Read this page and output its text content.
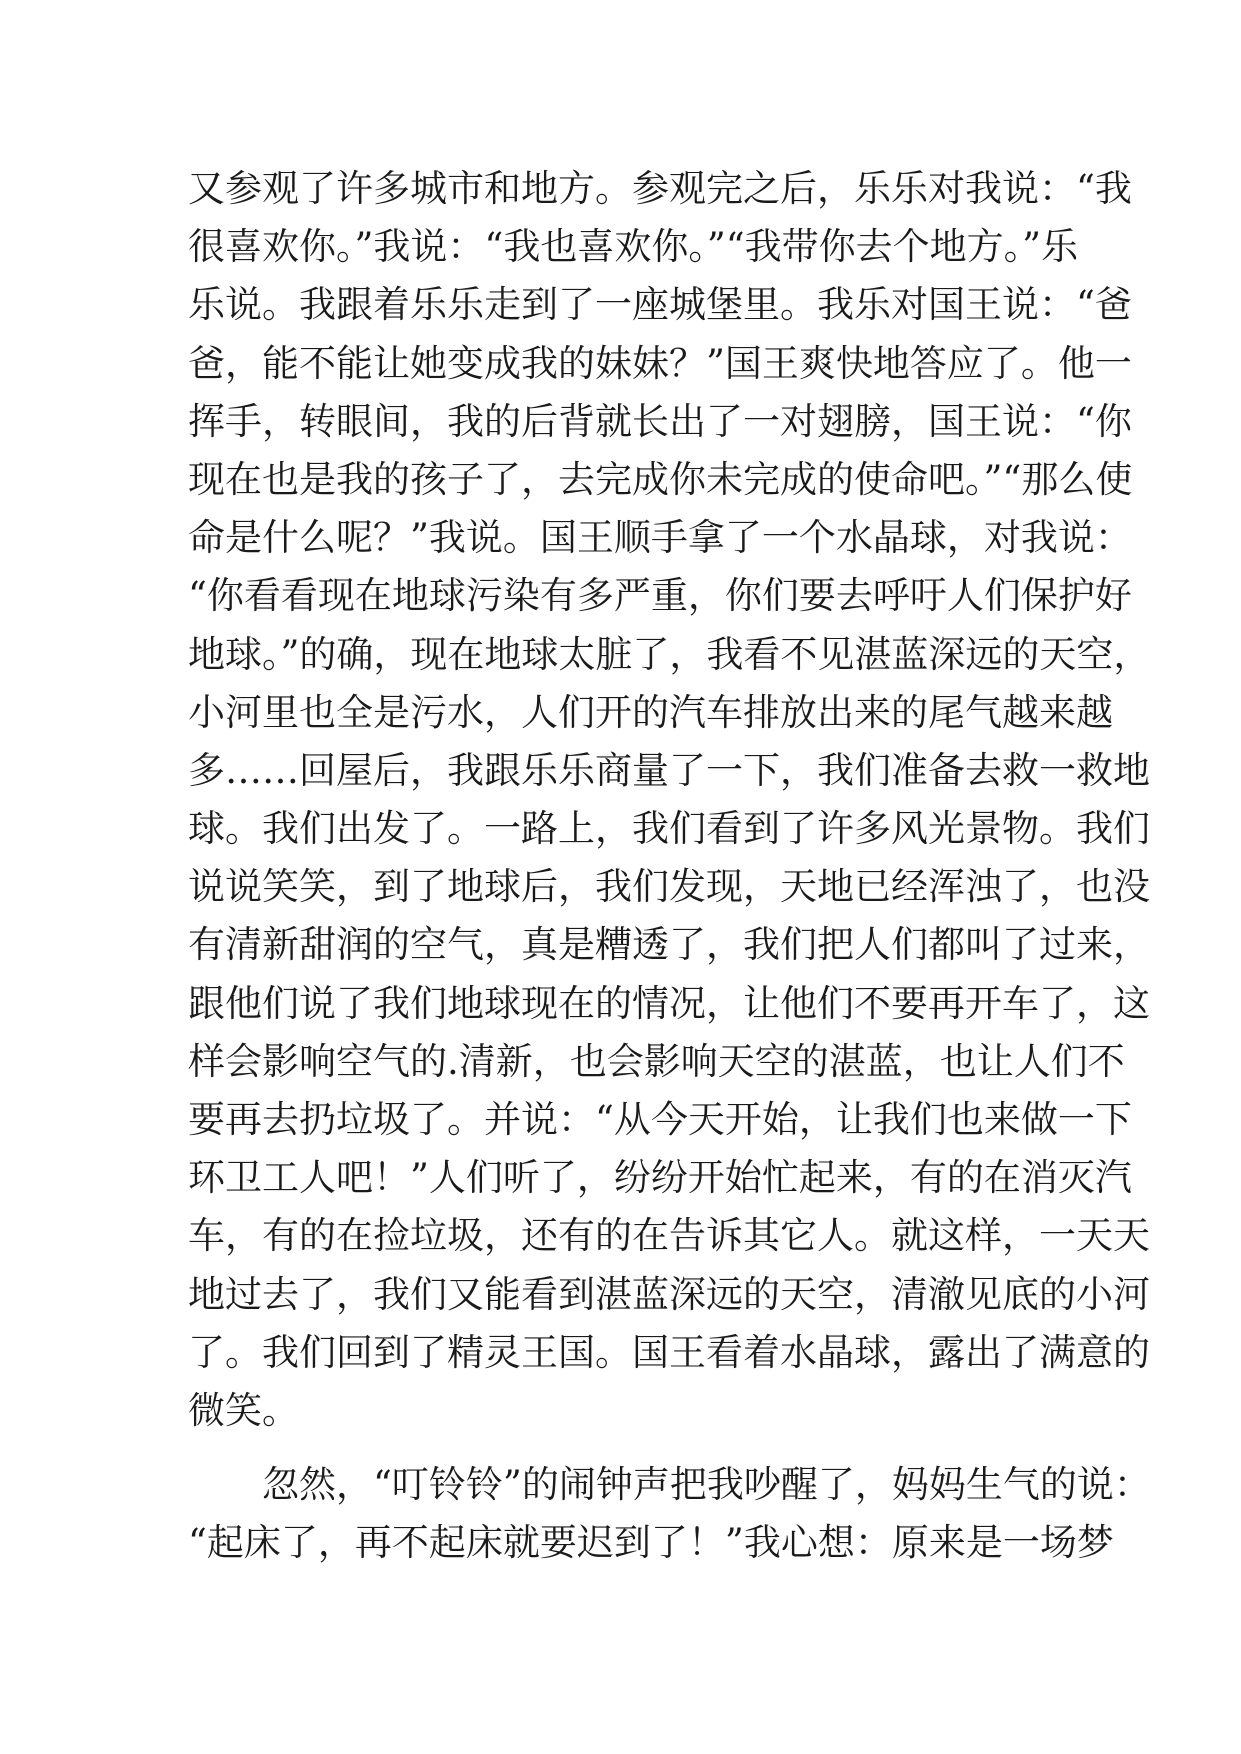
又参观了许多城市和地方。参观完之后，乐乐对我说：“我
很喜欢你。”我说：“我也喜欢你。”“我带你去个地方。”乐
乐说。我跟着乐乐走到了一座城堡里。我乐对国王说：“爸
爸，能不能让她变成我的妹妹？”国王爽快地答应了。他一
挥手，转眼间，我的后背就长出了一对翅膀，国王说：“你
现在也是我的孩子了，去完成你未完成的使命吧。”“那么使
命是什么呢？”我说。国王顺手拿了一个水晶球，对我说：
“你看看现在地球污染有多严重，你们要去呼吁人们保护好
地球。”的确，现在地球太脏了，我看不见湛蓝深远的天空，
小河里也全是污水，人们开的汽车排放出来的尾气越来越
多……回屋后，我跟乐乐商量了一下，我们准备去救一救地
球。我们出发了。一路上，我们看到了许多风光景物。我们
说说笑笑，到了地球后，我们发现，天地已经浑浊了，也没
有清新甜润的空气，真是糟透了，我们把人们都叫了过来，
跟他们说了我们地球现在的情况，让他们不要再开车了，这
样会影响空气的.清新，也会影响天空的湛蓝，也让人们不
要再去扔垃圾了。并说：“从今天开始，让我们也来做一下
环卫工人吧！”人们听了，纷纷开始忙起来，有的在消灭汽
车，有的在捡垃圾，还有的在告诉其它人。就这样，一天天
地过去了，我们又能看到湛蓝深远的天空，清澈见底的小河
了。我们回到了精灵王国。国王看着水晶球，露出了满意的
微笑。
忽然，“叮铃铃”的闹钟声把我吵醒了，妈妈生气的说：
“起床了，再不起床就要迟到了！”我心想：原来是一场梦
